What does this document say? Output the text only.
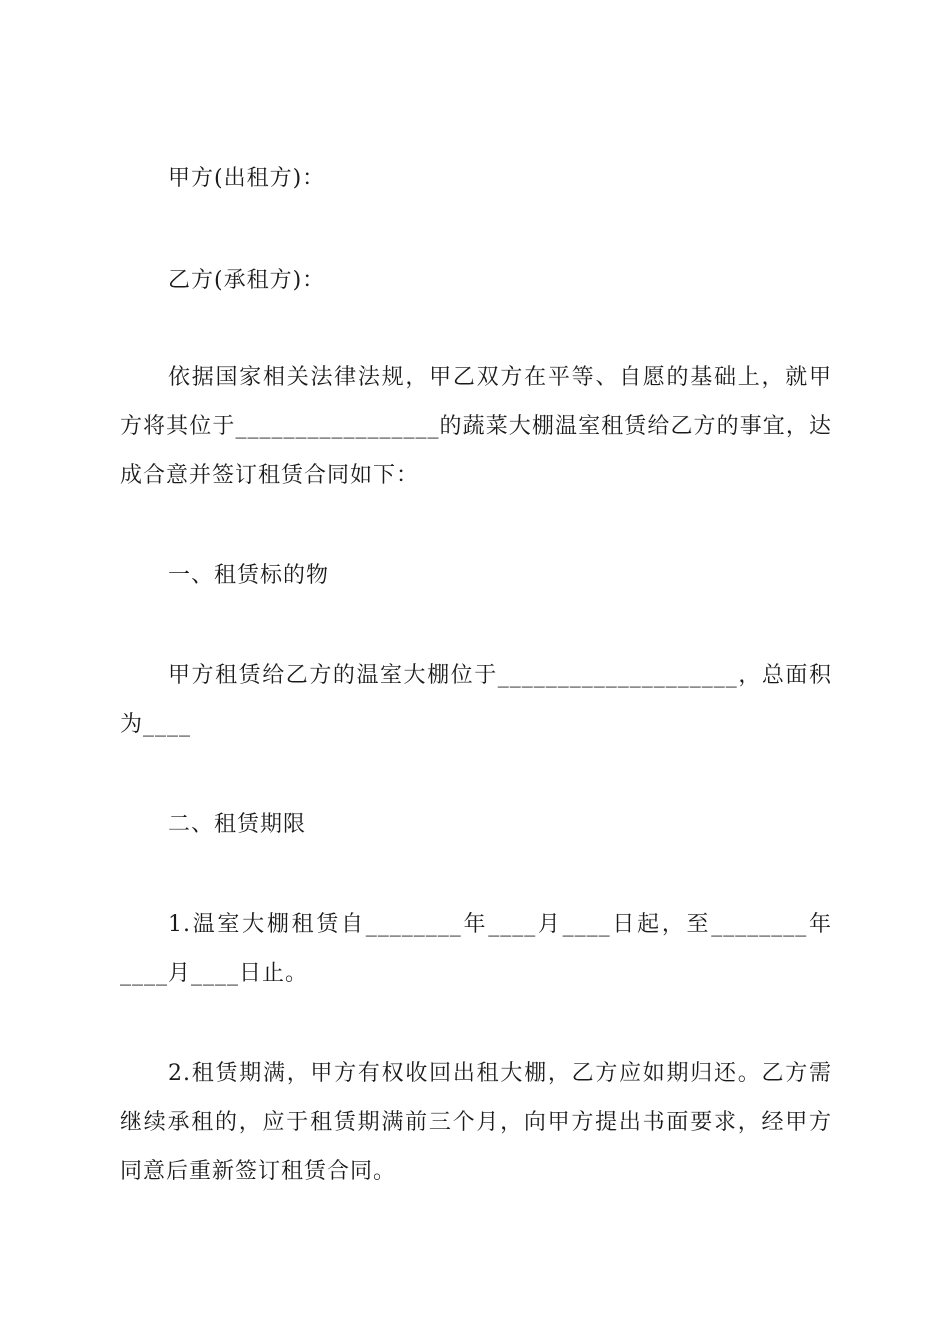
甲方(出租方)：

乙方(承租方)：

依据国家相关法律法规，甲乙双方在平等、自愿的基础上，就甲方将其位于_________________的蔬菜大棚温室租赁给乙方的事宜，达成合意并签订租赁合同如下：

一、租赁标的物

甲方租赁给乙方的温室大棚位于____________________，总面积为____

二、租赁期限

1.温室大棚租赁自________年____月____日起，至________年____月____日止。

2.租赁期满，甲方有权收回出租大棚，乙方应如期归还。乙方需继续承租的，应于租赁期满前三个月，向甲方提出书面要求，经甲方同意后重新签订租赁合同。
